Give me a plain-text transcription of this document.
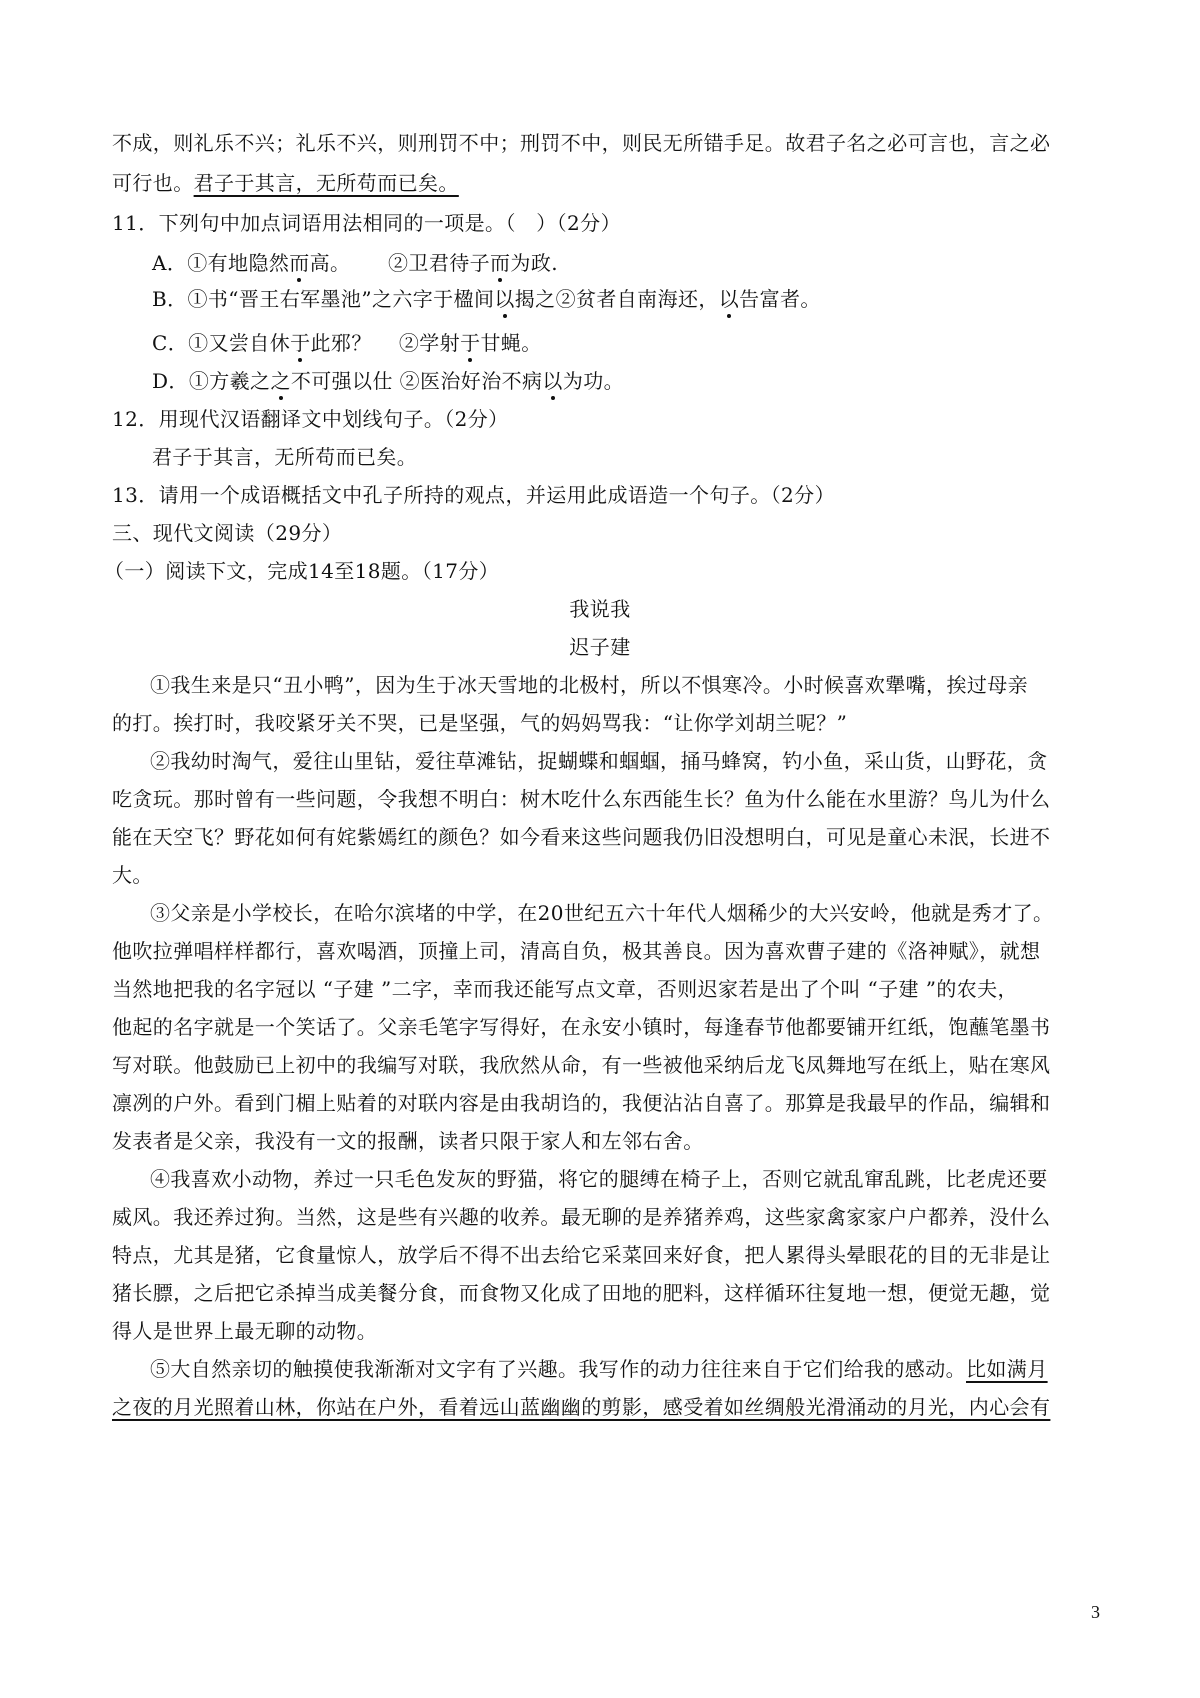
不成，则礼乐不兴；礼乐不兴，则刑罚不中；刑罚不中，则民无所错手足。故君子名之必可言也，言之必
可行也。君子于其言，无所苟而已矣。
11．下列句中加点词语用法相同的一项是。（　）（2分）
A．①有地隐然而高。　　 ②卫君待子而为政.
B．①书“晋王右军墨池”之六字于楹间以揭之②贫者自南海还，以告富者。
C．①又尝自休于此邪？　 ②学射于甘蝇。
D．①方羲之之不可强以仕 ②医治好治不病以为功。
12．用现代汉语翻译文中划线句子。（2分）
君子于其言，无所苟而已矣。
13．请用一个成语概括文中孔子所持的观点，并运用此成语造一个句子。（2分）
三、现代文阅读（29分）
（一）阅读下文，完成14至18题。（17分）
我说我
迟子建
①我生来是只“丑小鸭”，因为生于冰天雪地的北极村，所以不惧寒冷。小时候喜欢犟嘴，挨过母亲
的打。挨打时，我咬紧牙关不哭，已是坚强，气的妈妈骂我：“让你学刘胡兰呢？”
②我幼时淘气，爱往山里钻，爱往草滩钻，捉蝴蝶和蝈蝈，捅马蜂窝，钓小鱼，采山货，山野花，贪
吃贪玩。那时曾有一些问题，令我想不明白：树木吃什么东西能生长？鱼为什么能在水里游？鸟儿为什么
能在天空飞？野花如何有姹紫嫣红的颜色？如今看来这些问题我仍旧没想明白，可见是童心未泯，长进不
大。
③父亲是小学校长，在哈尔滨堵的中学，在20世纪五六十年代人烟稀少的大兴安岭，他就是秀才了。
他吹拉弹唱样样都行，喜欢喝酒，顶撞上司，清高自负，极其善良。因为喜欢曹子建的《洛神赋》，就想
当然地把我的名字冠以 “子建 ”二字，幸而我还能写点文章，否则迟家若是出了个叫 “子建 ”的农夫，
他起的名字就是一个笑话了。父亲毛笔字写得好，在永安小镇时，每逢春节他都要铺开红纸，饱蘸笔墨书
写对联。他鼓励已上初中的我编写对联，我欣然从命，有一些被他采纳后龙飞凤舞地写在纸上，贴在寒风
凛冽的户外。看到门楣上贴着的对联内容是由我胡诌的，我便沾沾自喜了。那算是我最早的作品，编辑和
发表者是父亲，我没有一文的报酬，读者只限于家人和左邻右舍。
④我喜欢小动物，养过一只毛色发灰的野猫，将它的腿缚在椅子上，否则它就乱窜乱跳，比老虎还要
威风。我还养过狗。当然，这是些有兴趣的收养。最无聊的是养猪养鸡，这些家禽家家户户都养，没什么
特点，尤其是猪，它食量惊人，放学后不得不出去给它采菜回来好食，把人累得头晕眼花的目的无非是让
猪长膘，之后把它杀掉当成美餐分食，而食物又化成了田地的肥料，这样循环往复地一想，便觉无趣，觉
得人是世界上最无聊的动物。
⑤大自然亲切的触摸使我渐渐对文字有了兴趣。我写作的动力往往来自于它们给我的感动。比如满月
之夜的月光照着山林，你站在户外，看着远山蓝幽幽的剪影，感受着如丝绸般光滑涌动的月光，内心会有
3
